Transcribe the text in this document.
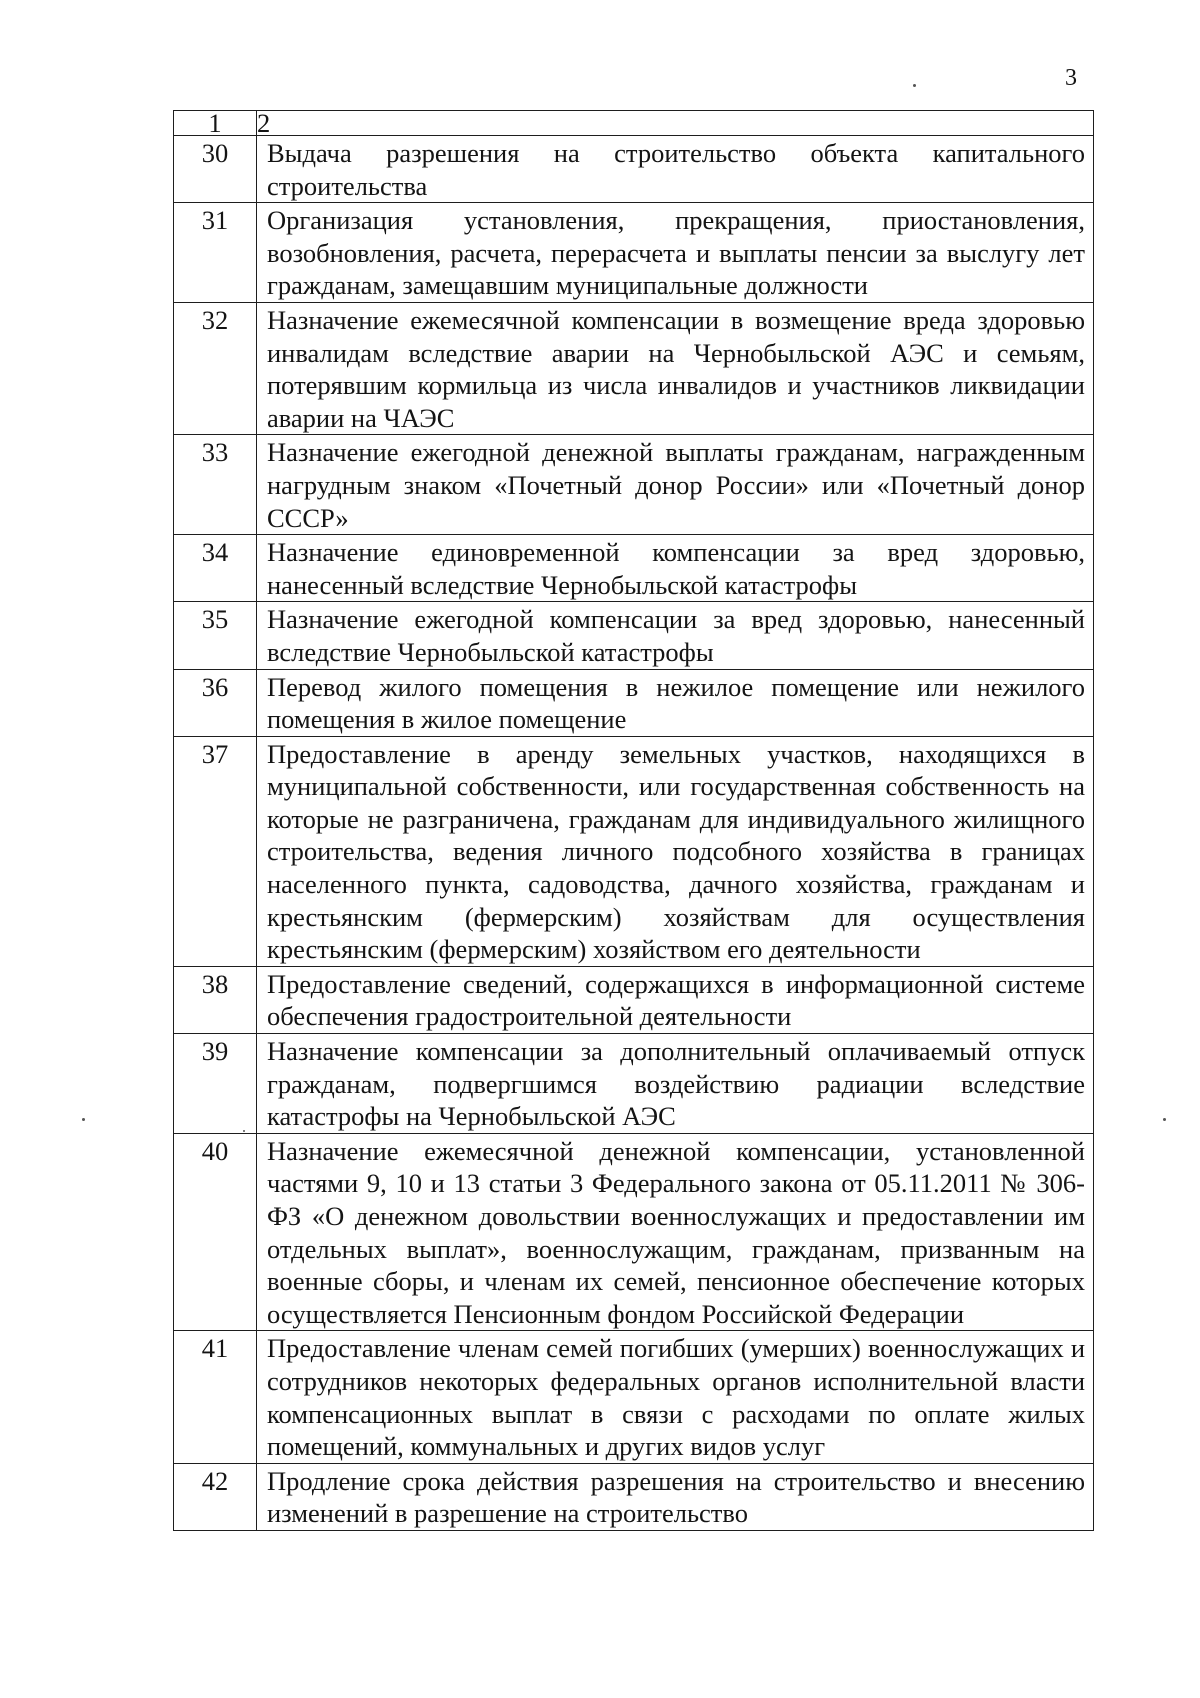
3
1	2
30	Выдача разрешения на строительство объекта капитального строительства
31	Организация установления, прекращения, приостановления, возобновления, расчета, перерасчета и выплаты пенсии за выслугу лет гражданам, замещавшим муниципальные должности
32	Назначение ежемесячной компенсации в возмещение вреда здоровью инвалидам вследствие аварии на Чернобыльской АЭС и семьям, потерявшим кормильца из числа инвалидов и участников ликвидации аварии на ЧАЭС
33	Назначение ежегодной денежной выплаты гражданам, награжденным нагрудным знаком «Почетный донор России» или «Почетный донор СССР»
34	Назначение единовременной компенсации за вред здоровью, нанесенный вследствие Чернобыльской катастрофы
35	Назначение ежегодной компенсации за вред здоровью, нанесенный вследствие Чернобыльской катастрофы
36	Перевод жилого помещения в нежилое помещение или нежилого помещения в жилое помещение
37	Предоставление в аренду земельных участков, находящихся в муниципальной собственности, или государственная собственность на которые не разграничена, гражданам для индивидуального жилищного строительства, ведения личного подсобного хозяйства в границах населенного пункта, садоводства, дачного хозяйства, гражданам и крестьянским (фермерским) хозяйствам для осуществления крестьянским (фермерским) хозяйством его деятельности
38	Предоставление сведений, содержащихся в информационной системе обеспечения градостроительной деятельности
39	Назначение компенсации за дополнительный оплачиваемый отпуск гражданам, подвергшимся воздействию радиации вследствие катастрофы на Чернобыльской АЭС
40	Назначение ежемесячной денежной компенсации, установленной частями 9, 10 и 13 статьи 3 Федерального закона от 05.11.2011 № 306-ФЗ «О денежном довольствии военнослужащих и предоставлении им отдельных выплат», военнослужащим, гражданам, призванным на военные сборы, и членам их семей, пенсионное обеспечение которых осуществляется Пенсионным фондом Российской Федерации
41	Предоставление членам семей погибших (умерших) военнослужащих и сотрудников некоторых федеральных органов исполнительной власти компенсационных выплат в связи с расходами по оплате жилых помещений, коммунальных и других видов услуг
42	Продление срока действия разрешения на строительство и внесению изменений в разрешение на строительство
